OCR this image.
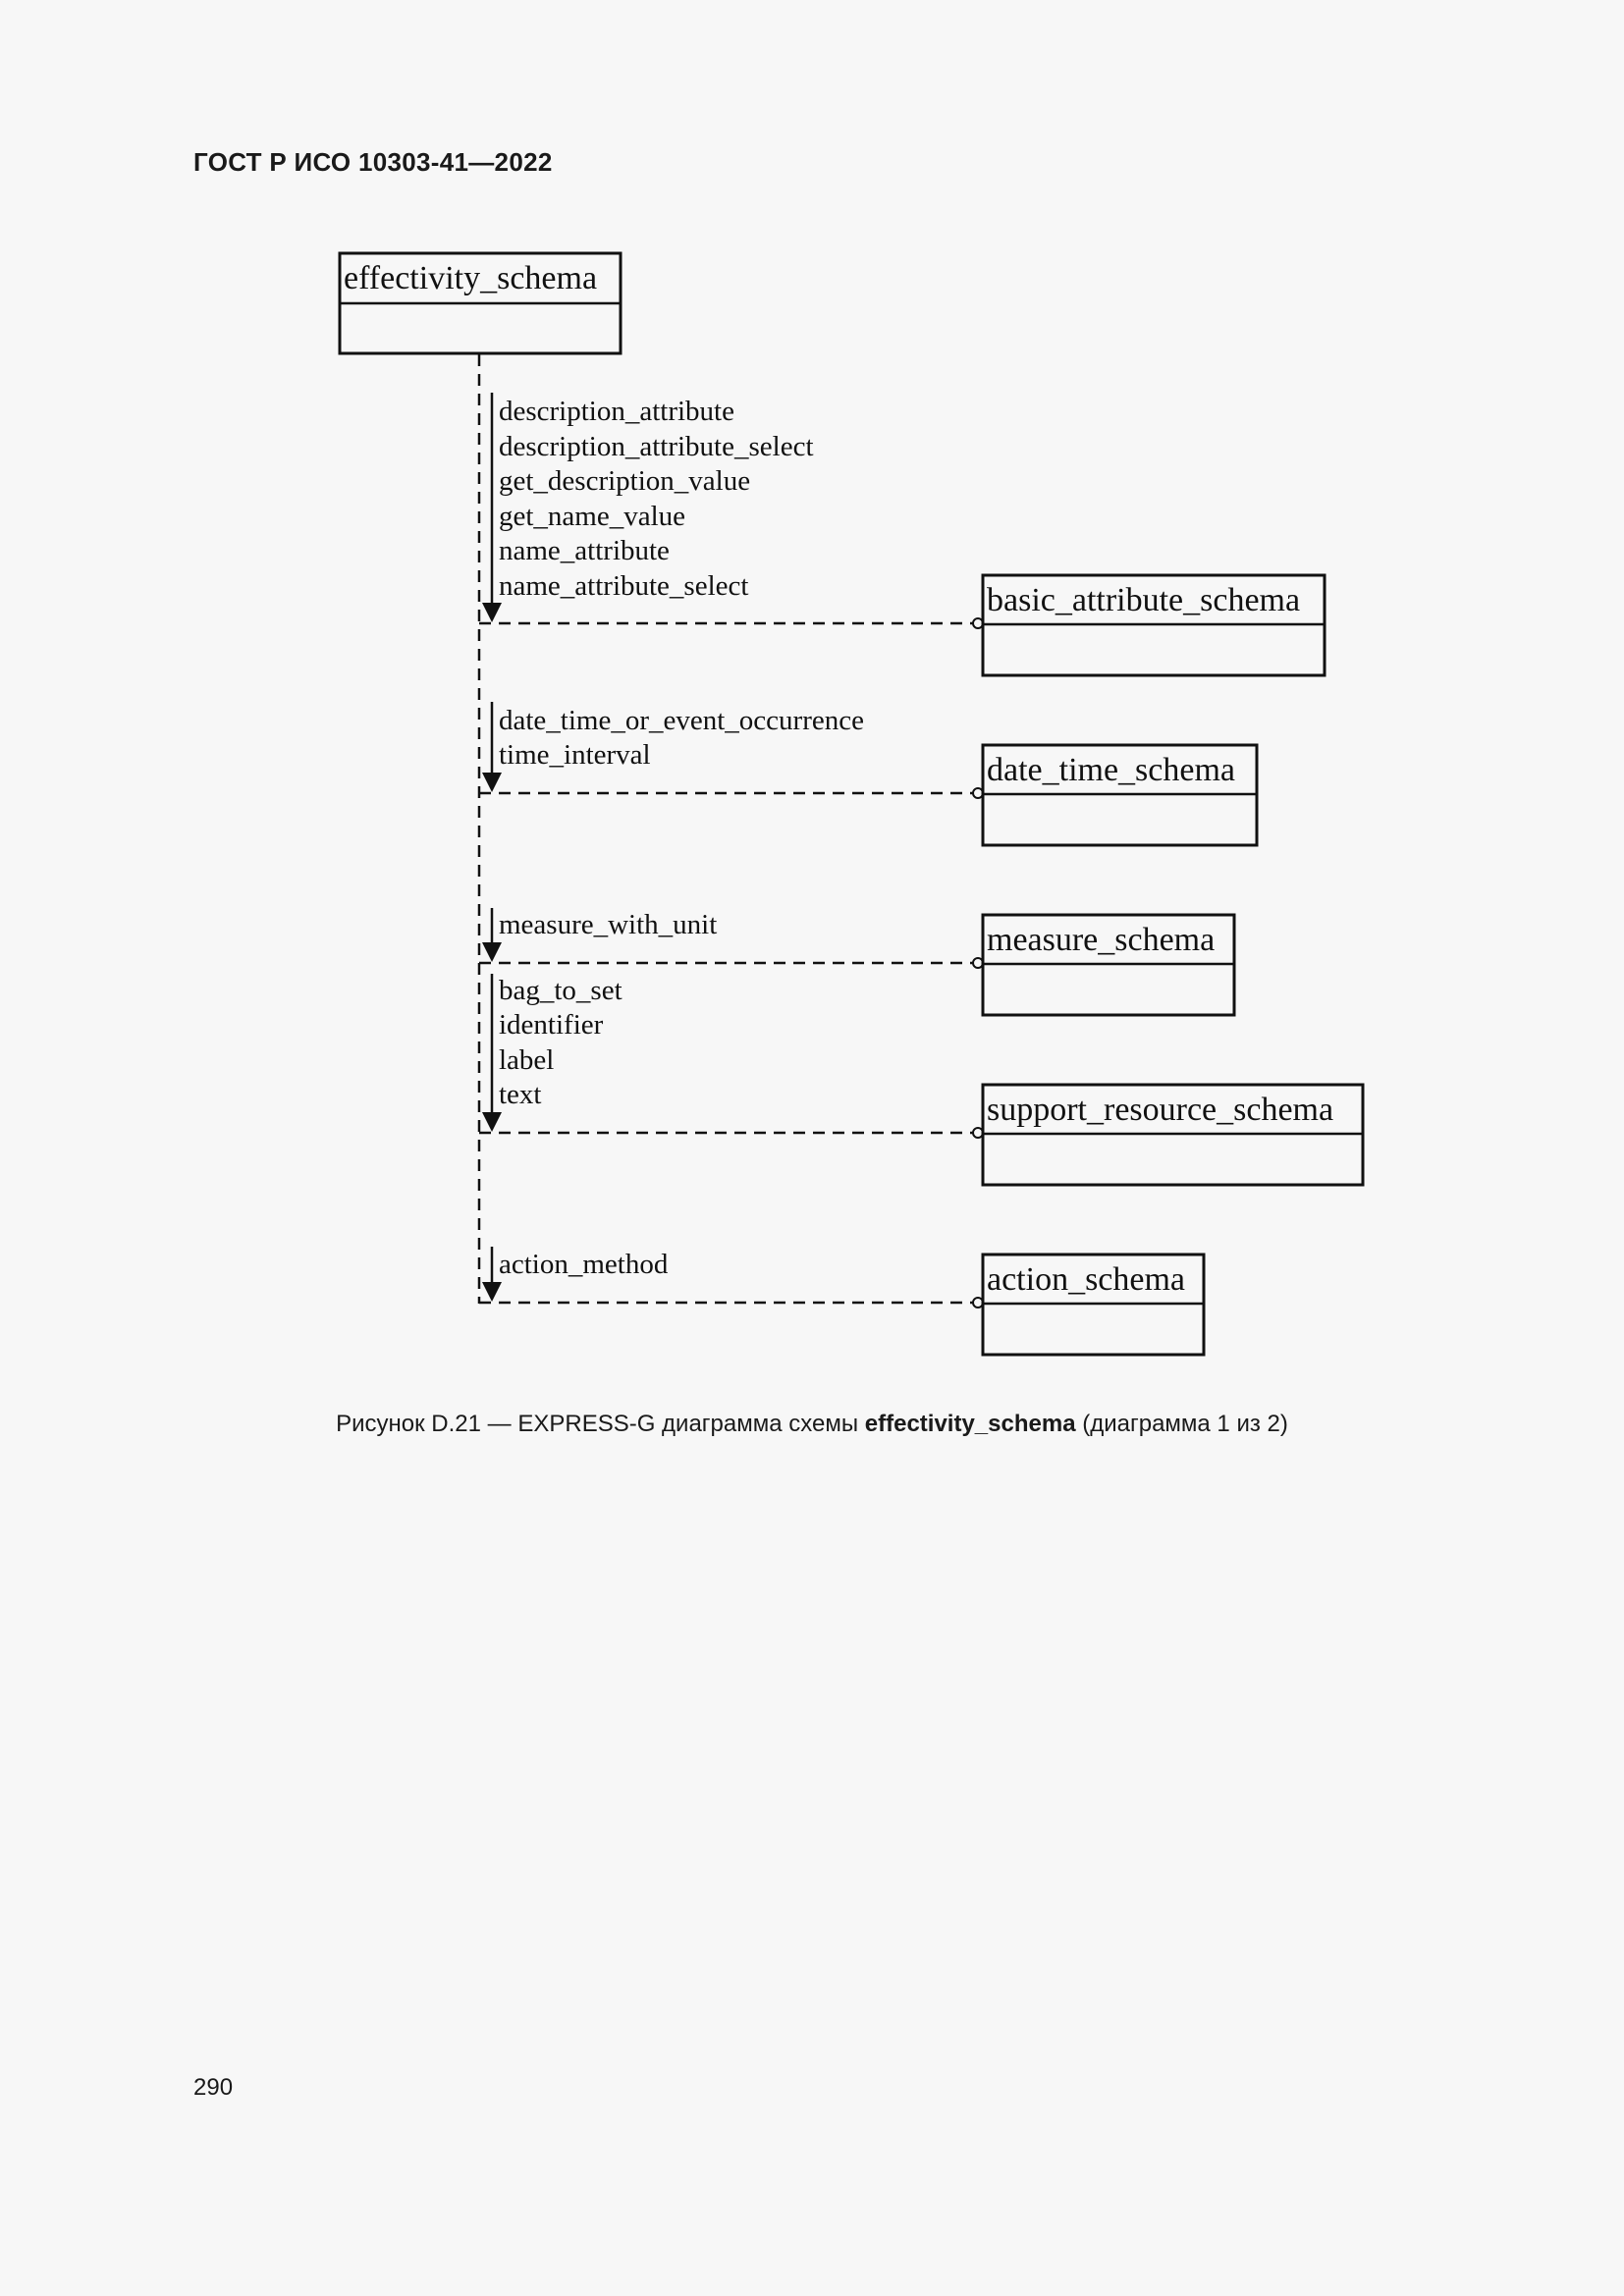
ГОСТ Р ИСО 10303-41—2022
effectivity_schema
description_attribute
description_attribute_select
get_description_value
get_name_value
name_attribute
name_attribute_select	basic_attribute_schema
date_time_or_event_occurrence
time_interval	date_time_schema
measure_with_unit	measure_schema
bag_to_set
identifier
label
text	support_resource_schema
action_method	action_schema
Рисунок D.21 — EXPRESS-G диаграмма схемы effectivity_schema (диаграмма 1 из 2)
290
